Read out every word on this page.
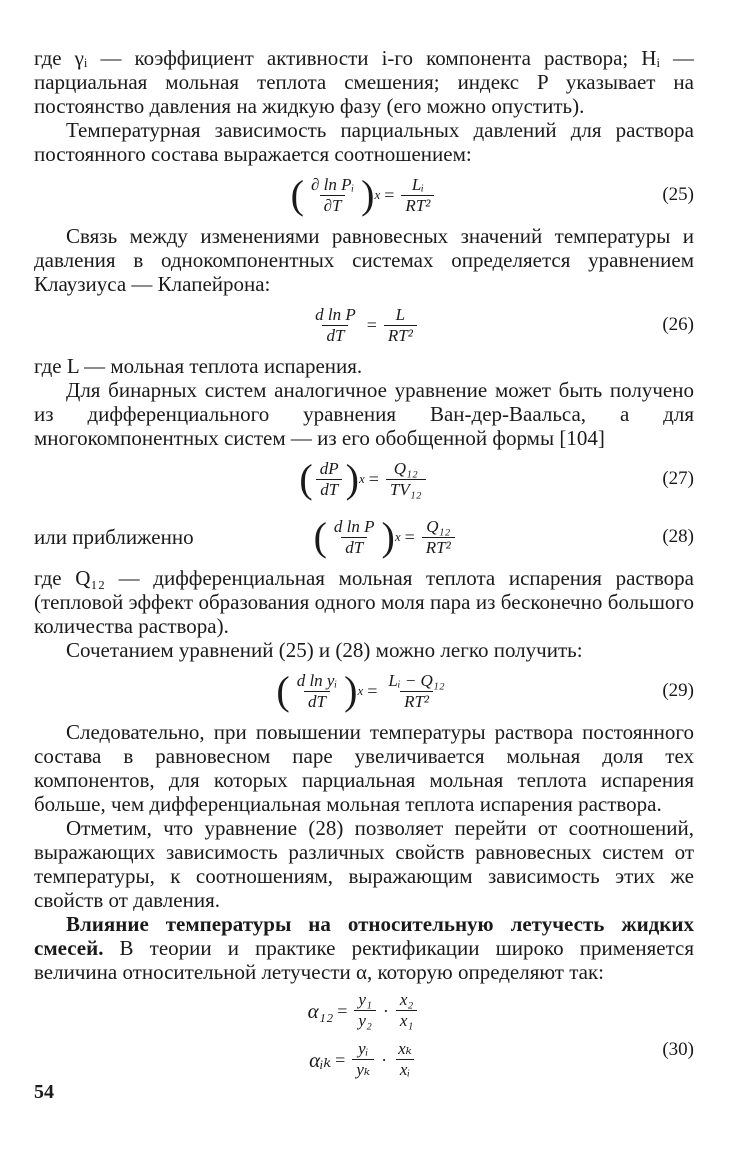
где γᵢ — коэффициент активности i-го компонента раствора; Hᵢ — парциальная мольная теплота смешения; индекс P указывает на постоянство давления на жидкую фазу (его можно опустить).

Температурная зависимость парциальных давлений для раствора постоянного состава выражается соотношением:

( $\frac{\text{∂ ln Pᵢ}}{\partial T}$ ) $x = \frac{\text{Lᵢ}}{\text{RT²}}$	(25)

Связь между изменениями равновесных значений температуры и давления в однокомпонентных системах определяется уравнением Клаузиуса — Клапейрона:

$\frac{\text{d ln P}}{dT} = \frac{L}{\text{RT²}}$	(26)

где L — мольная теплота испарения.

Для бинарных систем аналогичное уравнение может быть получено из дифференциального уравнения Ван-дер-Ваальса, а для многокомпонентных систем — из его обобщенной формы [104]

( $\frac{dP}{dT}$ ) $x = \frac{\text{Q₁₂}}{\text{TV₁₂}}$	(27)
или приближенно	( $\frac{\text{d ln P}}{dT}$ ) $x = \frac{\text{Q₁₂}}{\text{RT²}}$	(28)

где Q₁₂ — дифференциальная мольная теплота испарения раствора (тепловой эффект образования одного моля пара из бесконечно большого количества раствора).

Сочетанием уравнений (25) и (28) можно легко получить:

( $\frac{\text{d ln yᵢ}}{dT}$ ) $x = \frac{\text{Lᵢ − Q₁₂}}{\text{RT²}}$	(29)

Следовательно, при повышении температуры раствора постоянного состава в равновесном паре увеличивается мольная доля тех компонентов, для которых парциальная мольная теплота испарения больше, чем дифференциальная мольная теплота испарения раствора.

Отметим, что уравнение (28) позволяет перейти от соотношений, выражающих зависимость различных свойств равновесных систем от температуры, к соотношениям, выражающим зависимость этих же свойств от давления.

Влияние температуры на относительную летучесть жидких смесей. В теории и практике ректификации широко применяется величина относительной летучести α, которую определяют так:

$\alpha_{12} = \frac{\text{y₁}}{\text{y₂}} \cdot \frac{\text{x₂}}{\text{x₁}}$
αᵢₖ = $\frac{\text{yᵢ}}{\text{yₖ}} \cdot \frac{\text{xₖ}}{\text{xᵢ}}$	(30)
54
